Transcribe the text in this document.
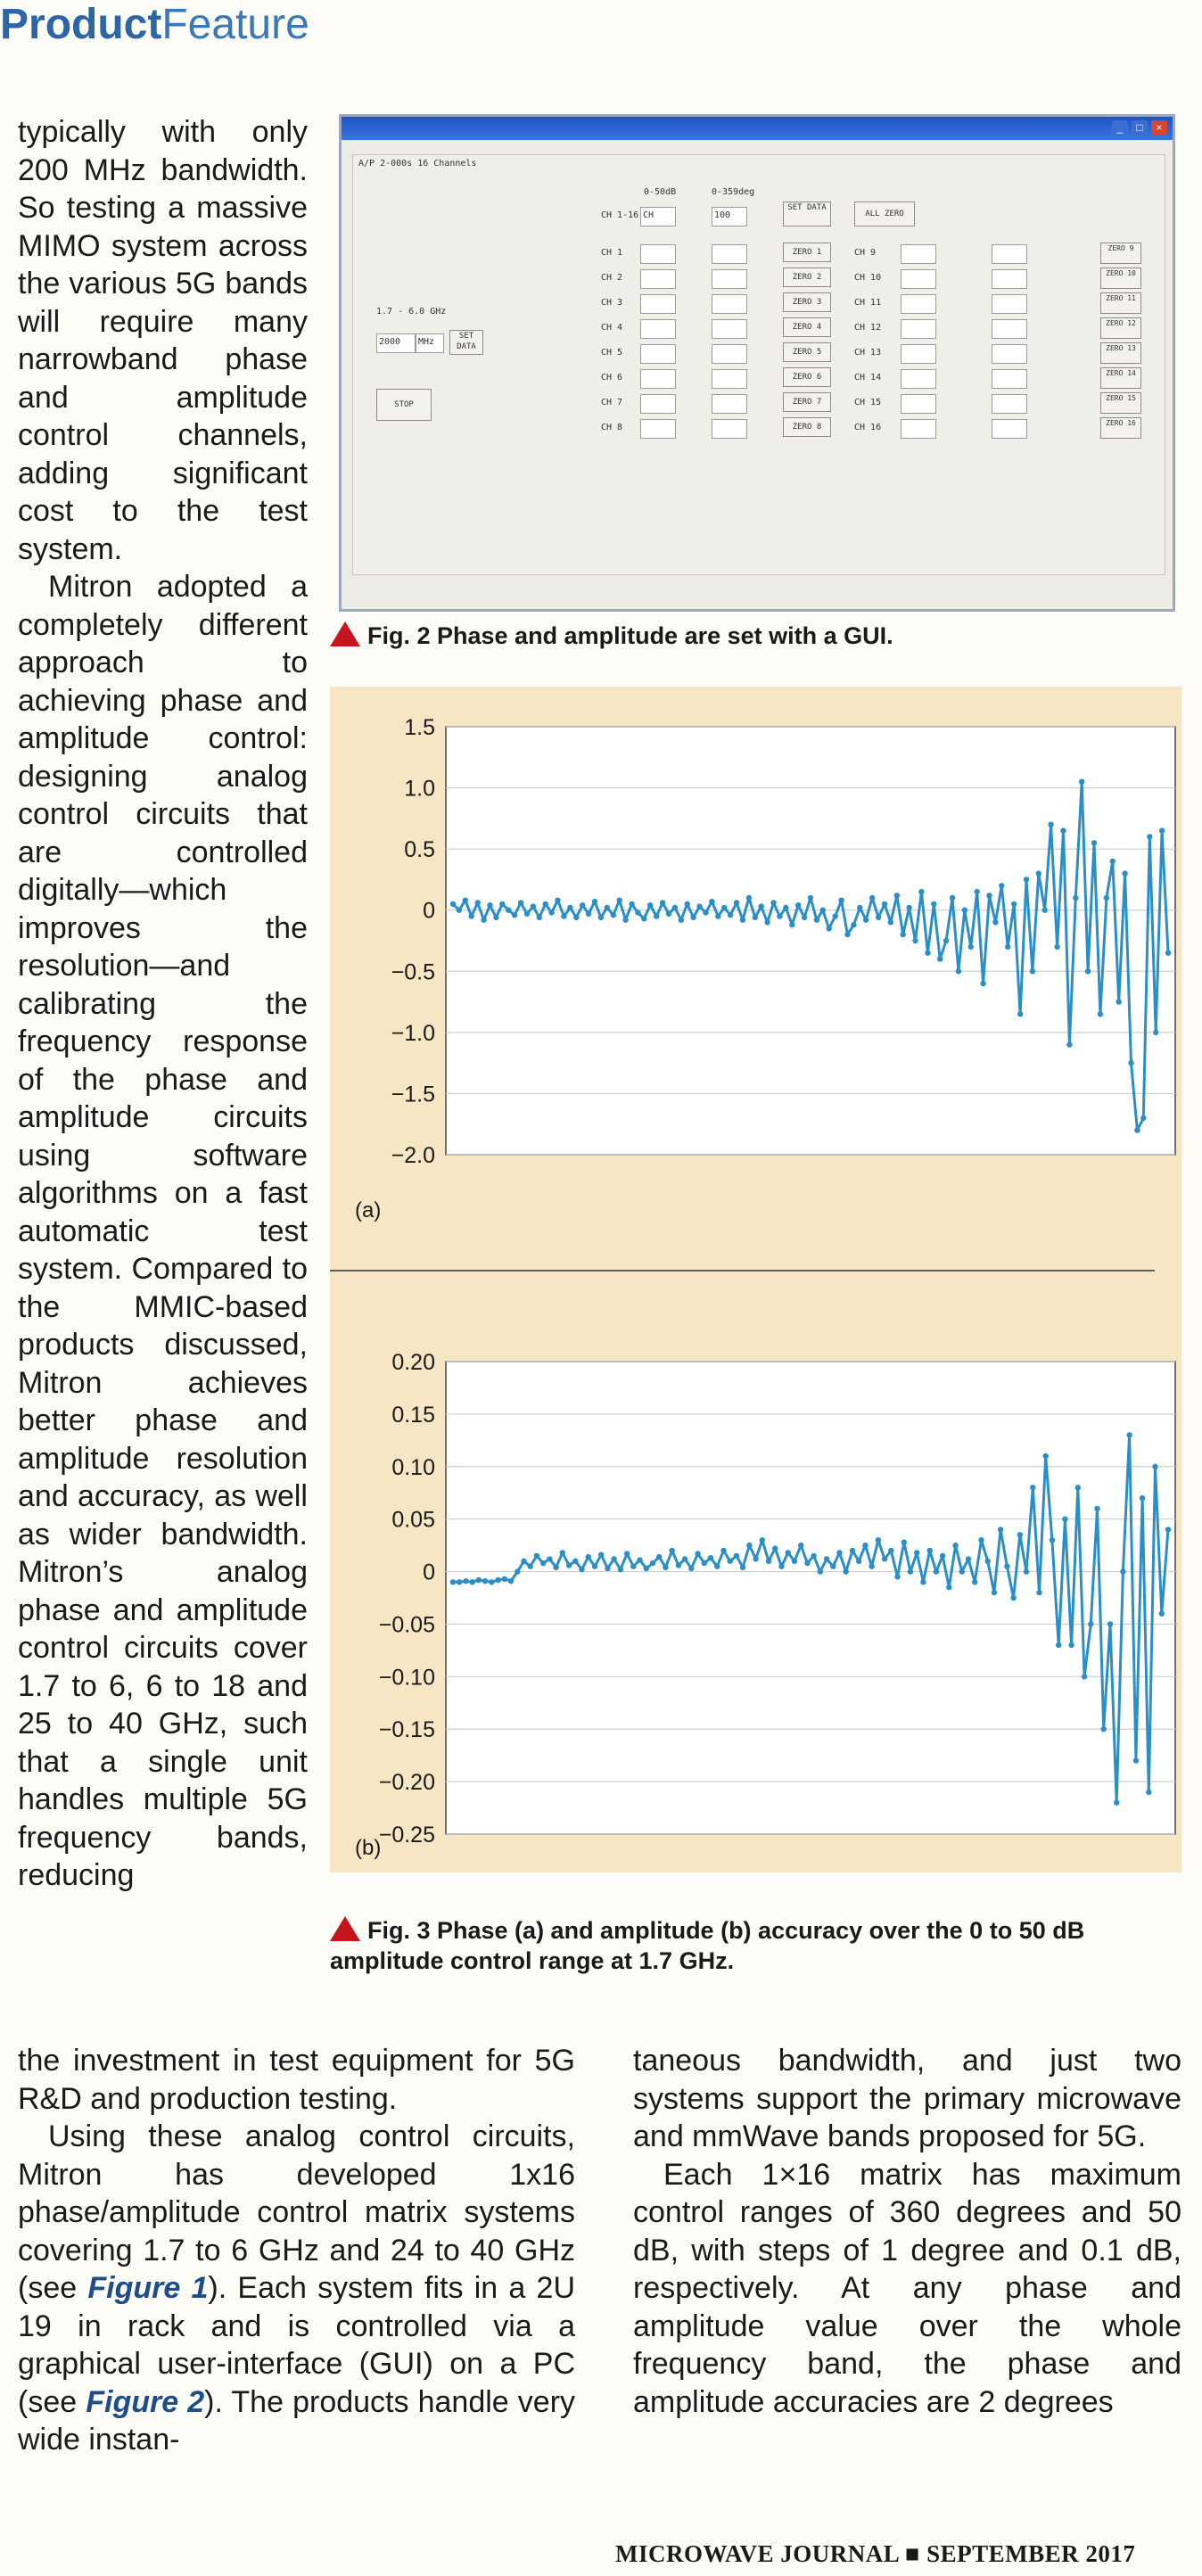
ProductFeature

typically with only 200 MHz bandwidth. So testing a massive MIMO system across the various 5G bands will require many narrowband phase and amplitude control channels, adding significant cost to the test system.

Mitron adopted a completely different approach to achieving phase and amplitude control: designing analog control circuits that are controlled digitally—which improves the resolution—and calibrating the frequency response of the phase and amplitude circuits using software algorithms on a fast automatic test system. Compared to the MMIC-based products discussed, Mitron achieves better phase and amplitude resolution and accuracy, as well as wider bandwidth. Mitron’s analog phase and amplitude control circuits cover 1.7 to 6, 6 to 18 and 25 to 40 GHz, such that a single unit handles multiple 5G frequency bands, reducing

_	□	×
A/P 2-000s 16 Channels
1.7 - 6.0 GHz
2000 MHz
SET DATA
STOP
CH 1-16 CH
0-50dB	0-359deg
100
SET DATA
ALL ZERO
CH 1	ZERO 1	CH 9	ZERO 9
CH 2	ZERO 2	CH 10	ZERO 10
CH 3	ZERO 3	CH 11	ZERO 11
CH 4	ZERO 4	CH 12	ZERO 12
CH 5	ZERO 5	CH 13	ZERO 13
CH 6	ZERO 6	CH 14	ZERO 14
CH 7	ZERO 7	CH 15	ZERO 15
CH 8	ZERO 8	CH 16	ZERO 16
Fig. 2 Phase and amplitude are set with a GUI.
1.5
1.0
0.5
0
−0.5
−1.0
−1.5
−2.0
(a)
0.20
0.15
0.10
0.05
0
−0.05
−0.10
−0.15
−0.20
−0.25
(b)
Fig. 3 Phase (a) and amplitude (b) accuracy over the 0 to 50 dB amplitude control range at 1.7 GHz.

the investment in test equipment for 5G R&D and production testing.

Using these analog control circuits, Mitron has developed 1x16 phase/amplitude control matrix systems covering 1.7 to 6 GHz and 24 to 40 GHz (see Figure 1). Each system fits in a 2U 19 in rack and is controlled via a graphical user-interface (GUI) on a PC (see Figure 2). The products handle very wide instan-

taneous bandwidth, and just two systems support the primary microwave and mmWave bands proposed for 5G.

Each 1×16 matrix has maximum control ranges of 360 degrees and 50 dB, with steps of 1 degree and 0.1 dB, respectively. At any phase and amplitude value over the whole frequency band, the phase and amplitude accuracies are 2 degrees

MICROWAVE JOURNAL ■ SEPTEMBER 2017
